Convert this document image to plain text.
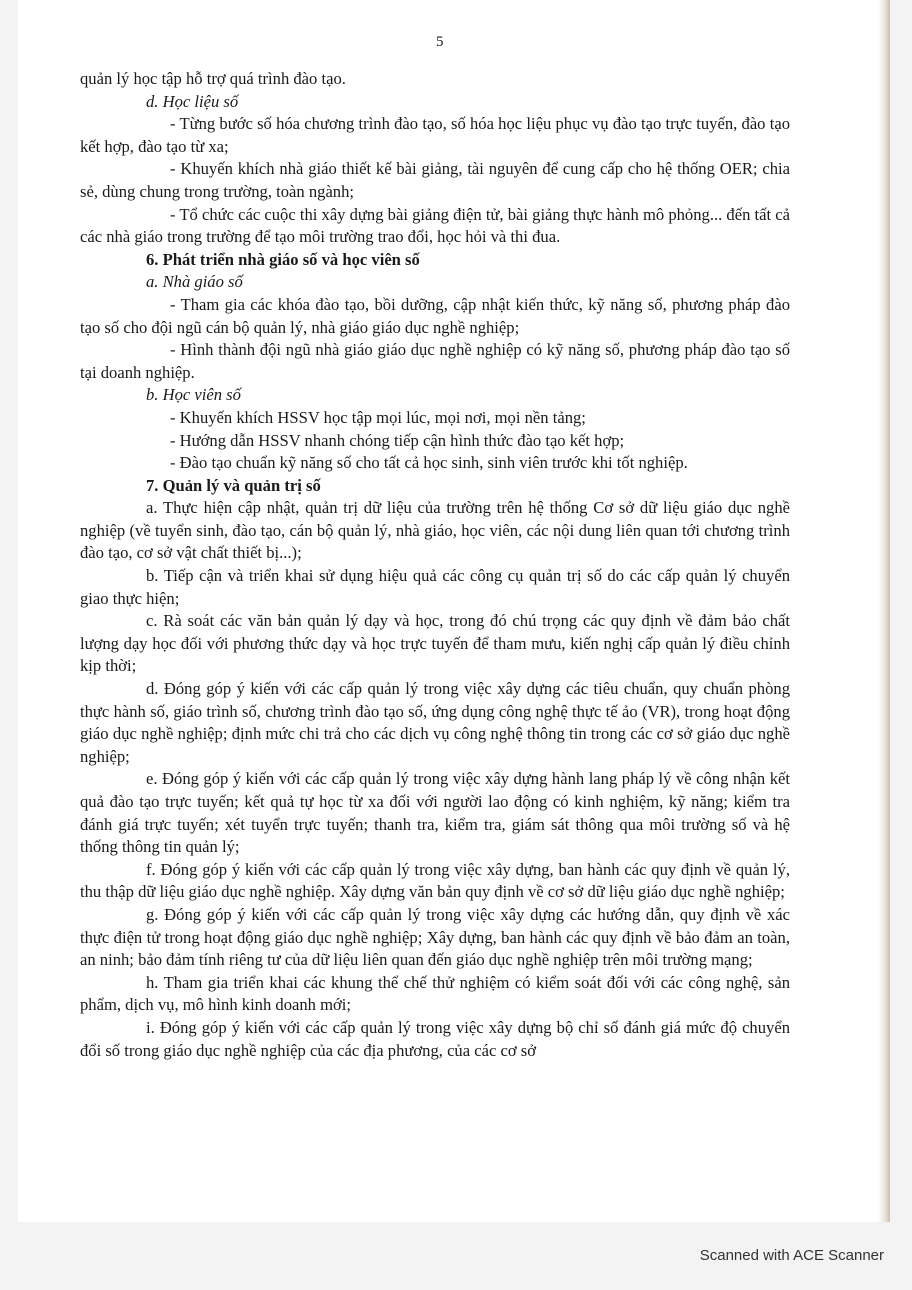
5

quản lý học tập hỗ trợ quá trình đào tạo.

d. Học liệu số

- Từng bước số hóa chương trình đào tạo, số hóa học liệu phục vụ đào tạo trực tuyến, đào tạo kết hợp, đào tạo từ xa;

- Khuyến khích nhà giáo thiết kế bài giảng, tài nguyên để cung cấp cho hệ thống OER; chia sẻ, dùng chung trong trường, toàn ngành;

- Tổ chức các cuộc thi xây dựng bài giảng điện tử, bài giảng thực hành mô phỏng... đến tất cả các nhà giáo trong trường để tạo môi trường trao đổi, học hỏi và thi đua.

6. Phát triển nhà giáo số và học viên số

a. Nhà giáo số

- Tham gia các khóa đào tạo, bồi dưỡng, cập nhật kiến thức, kỹ năng số, phương pháp đào tạo số cho đội ngũ cán bộ quản lý, nhà giáo giáo dục nghề nghiệp;

- Hình thành đội ngũ nhà giáo giáo dục nghề nghiệp có kỹ năng số, phương pháp đào tạo số tại doanh nghiệp.

b. Học viên số

- Khuyến khích HSSV học tập mọi lúc, mọi nơi, mọi nền tảng;

- Hướng dẫn HSSV nhanh chóng tiếp cận hình thức đào tạo kết hợp;

- Đào tạo chuẩn kỹ năng số cho tất cả học sinh, sinh viên trước khi tốt nghiệp.

7. Quản lý và quản trị số

a. Thực hiện cập nhật, quản trị dữ liệu của trường trên hệ thống Cơ sở dữ liệu giáo dục nghề nghiệp (về tuyển sinh, đào tạo, cán bộ quản lý, nhà giáo, học viên, các nội dung liên quan tới chương trình đào tạo, cơ sở vật chất thiết bị...);

b. Tiếp cận và triển khai sử dụng hiệu quả các công cụ quản trị số do các cấp quản lý chuyển giao thực hiện;

c. Rà soát các văn bản quản lý dạy và học, trong đó chú trọng các quy định về đảm bảo chất lượng dạy học đối với phương thức dạy và học trực tuyến để tham mưu, kiến nghị cấp quản lý điều chỉnh kịp thời;

d. Đóng góp ý kiến với các cấp quản lý trong việc xây dựng các tiêu chuẩn, quy chuẩn phòng thực hành số, giáo trình số, chương trình đào tạo số, ứng dụng công nghệ thực tế ảo (VR), trong hoạt động giáo dục nghề nghiệp; định mức chi trả cho các dịch vụ công nghệ thông tin trong các cơ sở giáo dục nghề nghiệp;

e. Đóng góp ý kiến với các cấp quản lý trong việc xây dựng hành lang pháp lý về công nhận kết quả đào tạo trực tuyến; kết quả tự học từ xa đối với người lao động có kinh nghiệm, kỹ năng; kiểm tra đánh giá trực tuyến; xét tuyển trực tuyến; thanh tra, kiểm tra, giám sát thông qua môi trường số và hệ thống thông tin quản lý;

f. Đóng góp ý kiến với các cấp quản lý trong việc xây dựng, ban hành các quy định về quản lý, thu thập dữ liệu giáo dục nghề nghiệp. Xây dựng văn bản quy định về cơ sở dữ liệu giáo dục nghề nghiệp;

g. Đóng góp ý kiến với các cấp quản lý trong việc xây dựng các hướng dẫn, quy định về xác thực điện tử trong hoạt động giáo dục nghề nghiệp; Xây dựng, ban hành các quy định về bảo đảm an toàn, an ninh; bảo đảm tính riêng tư của dữ liệu liên quan đến giáo dục nghề nghiệp trên môi trường mạng;

h. Tham gia triển khai các khung thể chế thử nghiệm có kiểm soát đối với các công nghệ, sản phẩm, dịch vụ, mô hình kinh doanh mới;

i. Đóng góp ý kiến với các cấp quản lý trong việc xây dựng bộ chỉ số đánh giá mức độ chuyển đổi số trong giáo dục nghề nghiệp của các địa phương, của các cơ sở

Scanned with ACE Scanner
